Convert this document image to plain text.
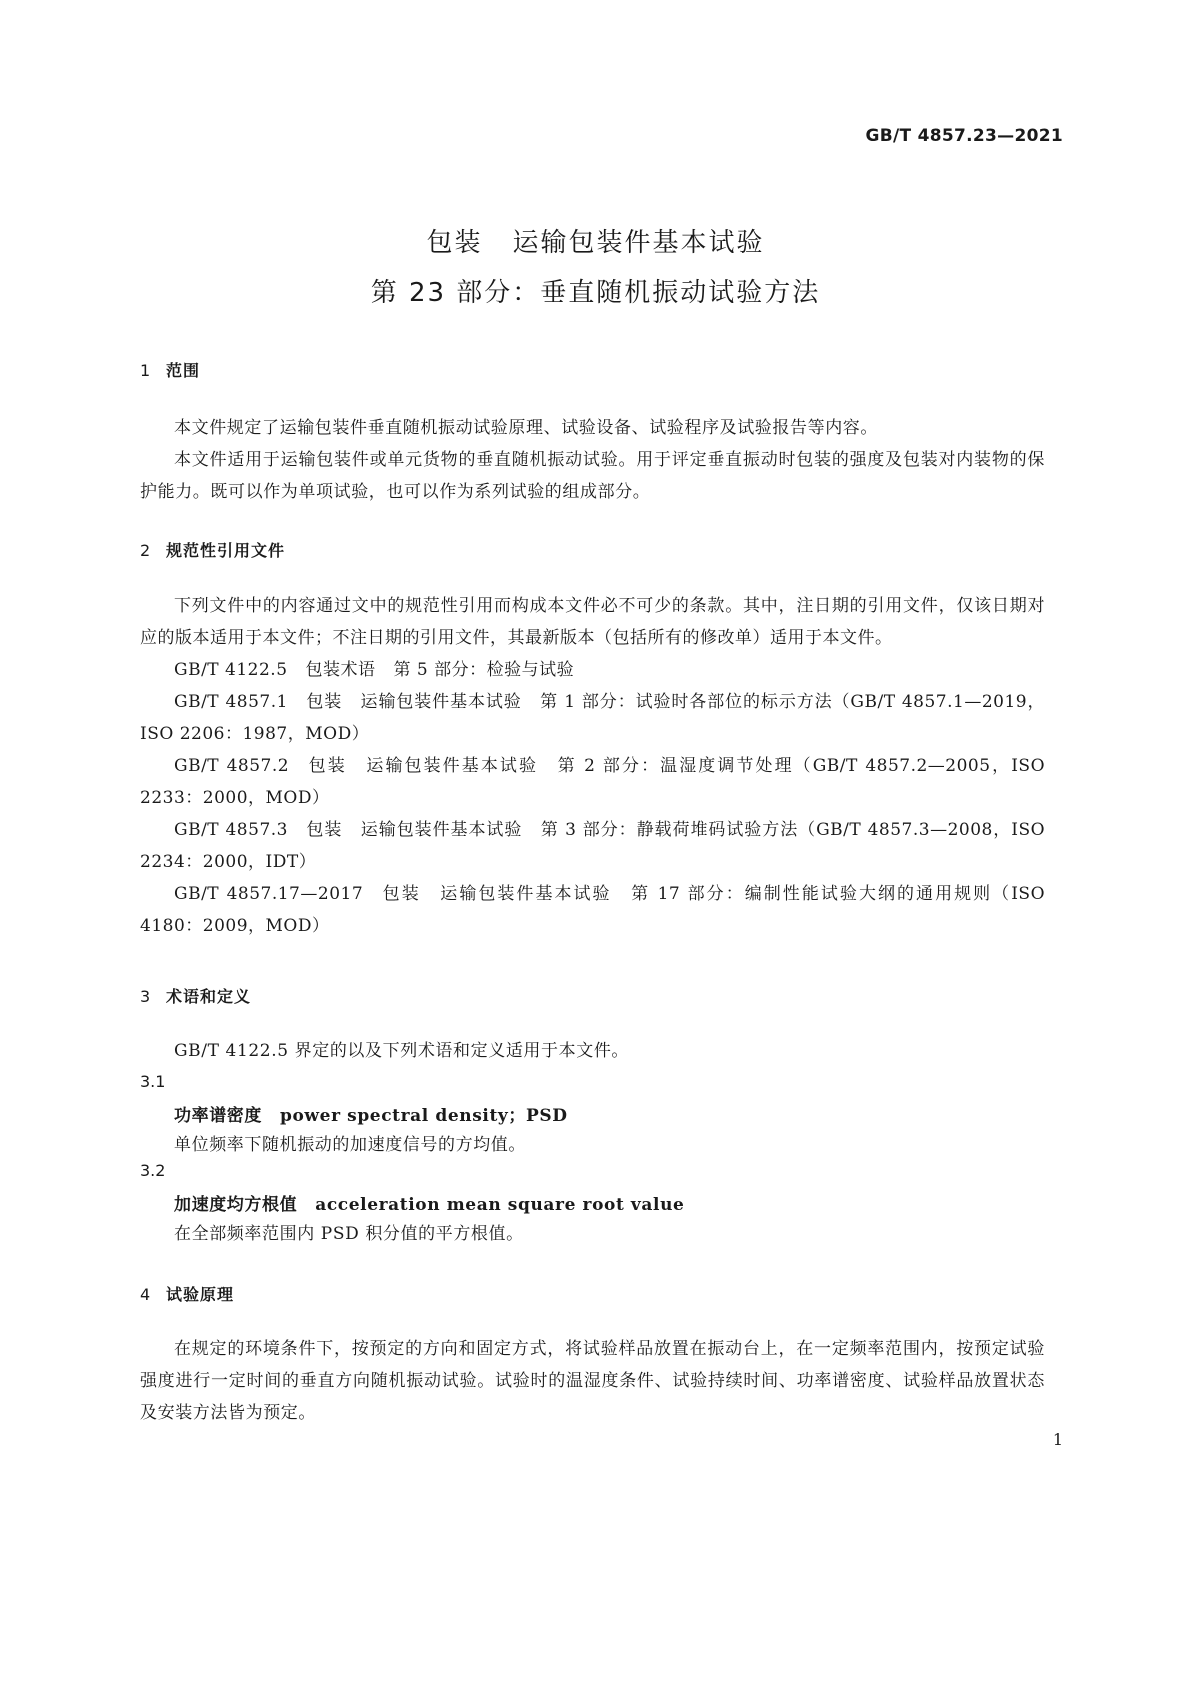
GB/T 4857.23—2021
包装 运输包装件基本试验
第 23 部分：垂直随机振动试验方法
1 范围

本文件规定了运输包装件垂直随机振动试验原理、试验设备、试验程序及试验报告等内容。

本文件适用于运输包装件或单元货物的垂直随机振动试验。用于评定垂直振动时包装的强度及包装对内装物的保护能力。既可以作为单项试验，也可以作为系列试验的组成部分。

2 规范性引用文件

下列文件中的内容通过文中的规范性引用而构成本文件必不可少的条款。其中，注日期的引用文件，仅该日期对应的版本适用于本文件；不注日期的引用文件，其最新版本（包括所有的修改单）适用于本文件。

GB/T 4122.5 包装术语 第 5 部分：检验与试验

GB/T 4857.1 包装 运输包装件基本试验 第 1 部分：试验时各部位的标示方法（GB/T 4857.1—2019，ISO 2206：1987，MOD）

GB/T 4857.2 包装 运输包装件基本试验 第 2 部分：温湿度调节处理（GB/T 4857.2—2005，ISO 2233：2000，MOD）

GB/T 4857.3 包装 运输包装件基本试验 第 3 部分：静载荷堆码试验方法（GB/T 4857.3—2008，ISO 2234：2000，IDT）

GB/T 4857.17—2017 包装 运输包装件基本试验 第 17 部分：编制性能试验大纲的通用规则（ISO 4180：2009，MOD）

3 术语和定义
GB/T 4122.5 界定的以及下列术语和定义适用于本文件。
3.1
功率谱密度 power spectral density；PSD
单位频率下随机振动的加速度信号的方均值。
3.2
加速度均方根值 acceleration mean square root value
在全部频率范围内 PSD 积分值的平方根值。
4 试验原理
在规定的环境条件下，按预定的方向和固定方式，将试验样品放置在振动台上，在一定频率范围内，按预定试验强度进行一定时间的垂直方向随机振动试验。试验时的温湿度条件、试验持续时间、功率谱密度、试验样品放置状态及安装方法皆为预定。
1
